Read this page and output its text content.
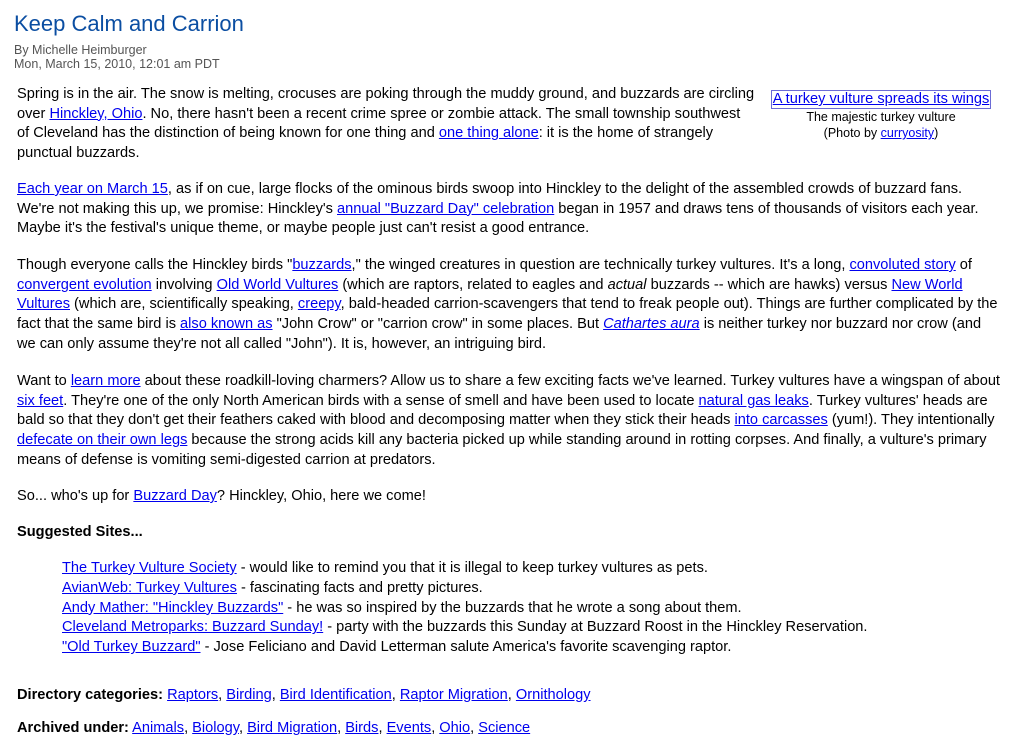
Keep Calm and Carrion
By Michelle Heimburger
Mon, March 15, 2010, 12:01 am PDT
A turkey vulture spreads its wings
The majestic turkey vulture
(Photo by curryosity)

Spring is in the air. The snow is melting, crocuses are poking through the muddy ground, and buzzards are circling over Hinckley, Ohio. No, there hasn't been a recent crime spree or zombie attack. The small township southwest of Cleveland has the distinction of being known for one thing and one thing alone: it is the home of strangely punctual buzzards.

Each year on March 15, as if on cue, large flocks of the ominous birds swoop into Hinckley to the delight of the assembled crowds of buzzard fans. We're not making this up, we promise: Hinckley's annual "Buzzard Day" celebration began in 1957 and draws tens of thousands of visitors each year. Maybe it's the festival's unique theme, or maybe people just can't resist a good entrance.

Though everyone calls the Hinckley birds "buzzards," the winged creatures in question are technically turkey vultures. It's a long, convoluted story of convergent evolution involving Old World Vultures (which are raptors, related to eagles and actual buzzards -- which are hawks) versus New World Vultures (which are, scientifically speaking, creepy, bald-headed carrion-scavengers that tend to freak people out). Things are further complicated by the fact that the same bird is also known as "John Crow" or "carrion crow" in some places. But Cathartes aura is neither turkey nor buzzard nor crow (and we can only assume they're not all called "John"). It is, however, an intriguing bird.

Want to learn more about these roadkill-loving charmers? Allow us to share a few exciting facts we've learned. Turkey vultures have a wingspan of about six feet. They're one of the only North American birds with a sense of smell and have been used to locate natural gas leaks. Turkey vultures' heads are bald so that they don't get their feathers caked with blood and decomposing matter when they stick their heads into carcasses (yum!). They intentionally defecate on their own legs because the strong acids kill any bacteria picked up while standing around in rotting corpses. And finally, a vulture's primary means of defense is vomiting semi-digested carrion at predators.

So... who's up for Buzzard Day? Hinckley, Ohio, here we come!

Suggested Sites...
The Turkey Vulture Society - would like to remind you that it is illegal to keep turkey vultures as pets.
AvianWeb: Turkey Vultures - fascinating facts and pretty pictures.
Andy Mather: "Hinckley Buzzards" - he was so inspired by the buzzards that he wrote a song about them.
Cleveland Metroparks: Buzzard Sunday! - party with the buzzards this Sunday at Buzzard Roost in the Hinckley Reservation.
"Old Turkey Buzzard" - Jose Feliciano and David Letterman salute America's favorite scavenging raptor.
Directory categories: Raptors, Birding, Bird Identification, Raptor Migration, Ornithology
Archived under: Animals, Biology, Bird Migration, Birds, Events, Ohio, Science
